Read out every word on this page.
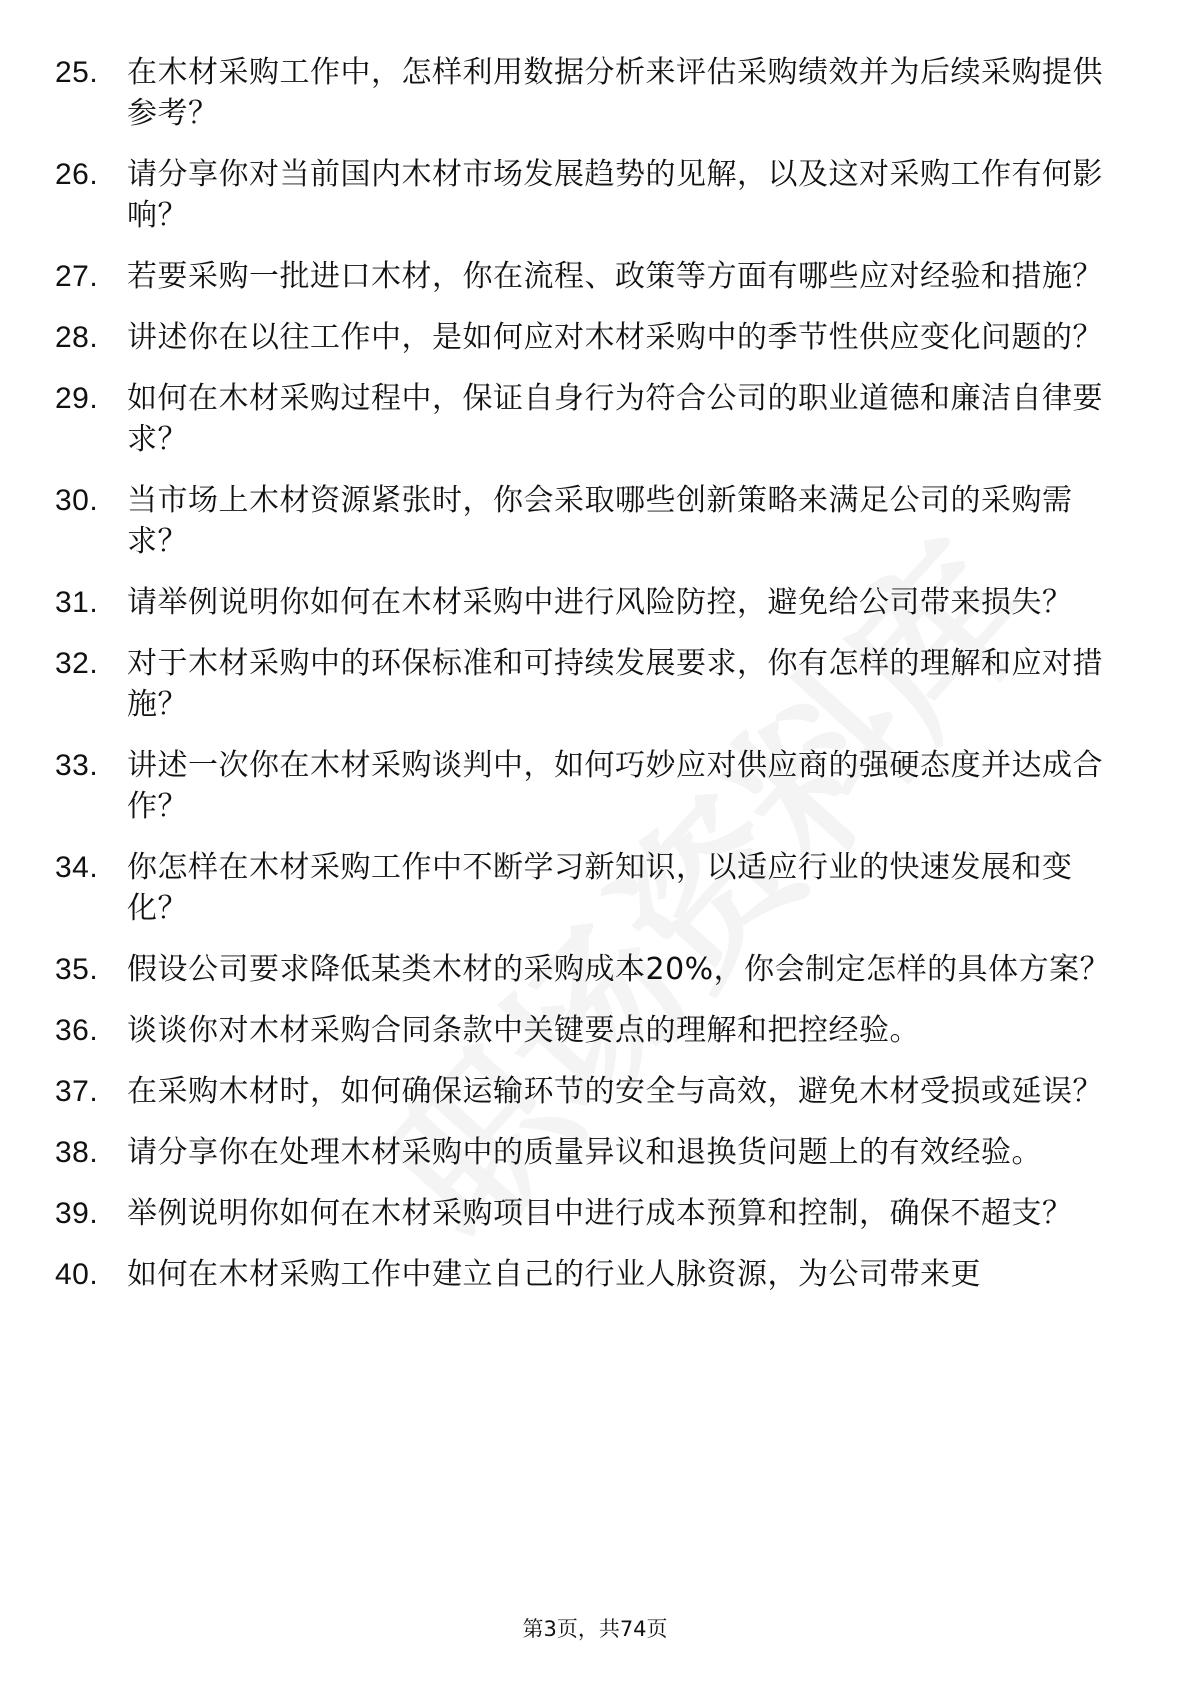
25. 在木材采购工作中，怎样利用数据分析来评估采购绩效并为后续采购提供参考？
26. 请分享你对当前国内木材市场发展趋势的见解，以及这对采购工作有何影响？
27. 若要采购一批进口木材，你在流程、政策等方面有哪些应对经验和措施？
28. 讲述你在以往工作中，是如何应对木材采购中的季节性供应变化问题的？
29. 如何在木材采购过程中，保证自身行为符合公司的职业道德和廉洁自律要求？
30. 当市场上木材资源紧张时，你会采取哪些创新策略来满足公司的采购需求？
31. 请举例说明你如何在木材采购中进行风险防控，避免给公司带来损失？
32. 对于木材采购中的环保标准和可持续发展要求，你有怎样的理解和应对措施？
33. 讲述一次你在木材采购谈判中，如何巧妙应对供应商的强硬态度并达成合作？
34. 你怎样在木材采购工作中不断学习新知识，以适应行业的快速发展和变化？
35. 假设公司要求降低某类木材的采购成本20%，你会制定怎样的具体方案？
36. 谈谈你对木材采购合同条款中关键要点的理解和把控经验。
37. 在采购木材时，如何确保运输环节的安全与高效，避免木材受损或延误？
38. 请分享你在处理木材采购中的质量异议和退换货问题上的有效经验。
39. 举例说明你如何在木材采购项目中进行成本预算和控制，确保不超支？
40. 如何在木材采购工作中建立自己的行业人脉资源，为公司带来更
第3页，共74页
